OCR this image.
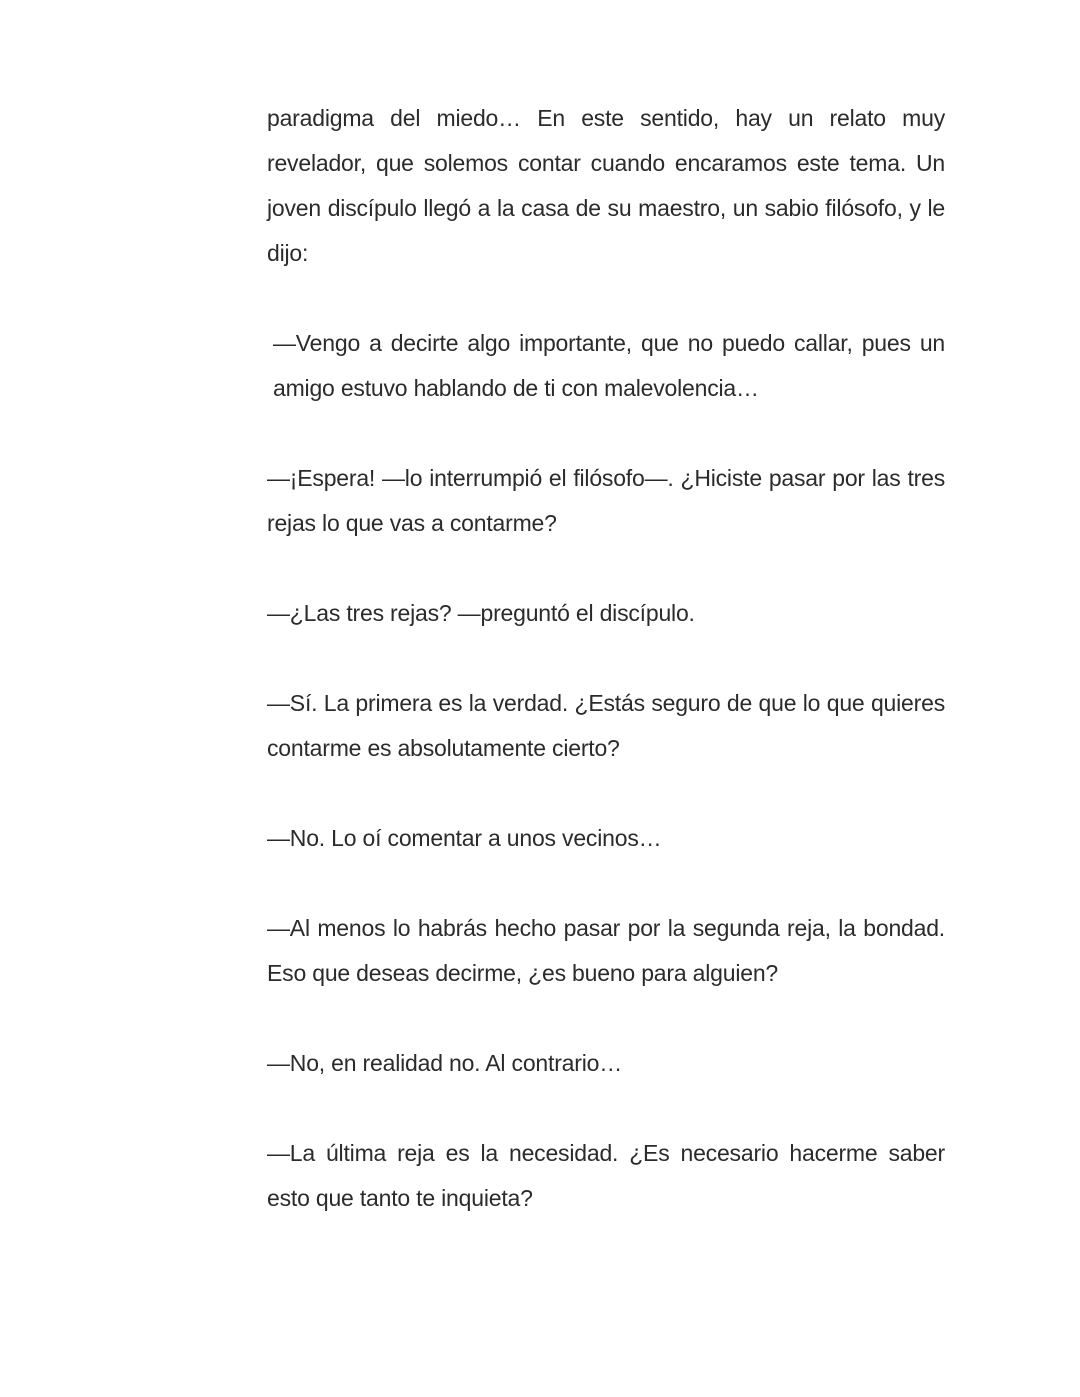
paradigma del miedo… En este sentido, hay un relato muy revelador, que solemos contar cuando encaramos este tema. Un joven discípulo llegó a la casa de su maestro, un sabio filósofo, y le dijo:

—Vengo a decirte algo importante, que no puedo callar, pues un amigo estuvo hablando de ti con malevolencia…

—¡Espera! —lo interrumpió el filósofo—. ¿Hiciste pasar por las tres rejas lo que vas a contarme?

—¿Las tres rejas? —preguntó el discípulo.

—Sí. La primera es la verdad. ¿Estás seguro de que lo que quieres contarme es absolutamente cierto?

—No. Lo oí comentar a unos vecinos…

—Al menos lo habrás hecho pasar por la segunda reja, la bondad. Eso que deseas decirme, ¿es bueno para alguien?

—No, en realidad no. Al contrario…

—La última reja es la necesidad. ¿Es necesario hacerme saber esto que tanto te inquieta?
